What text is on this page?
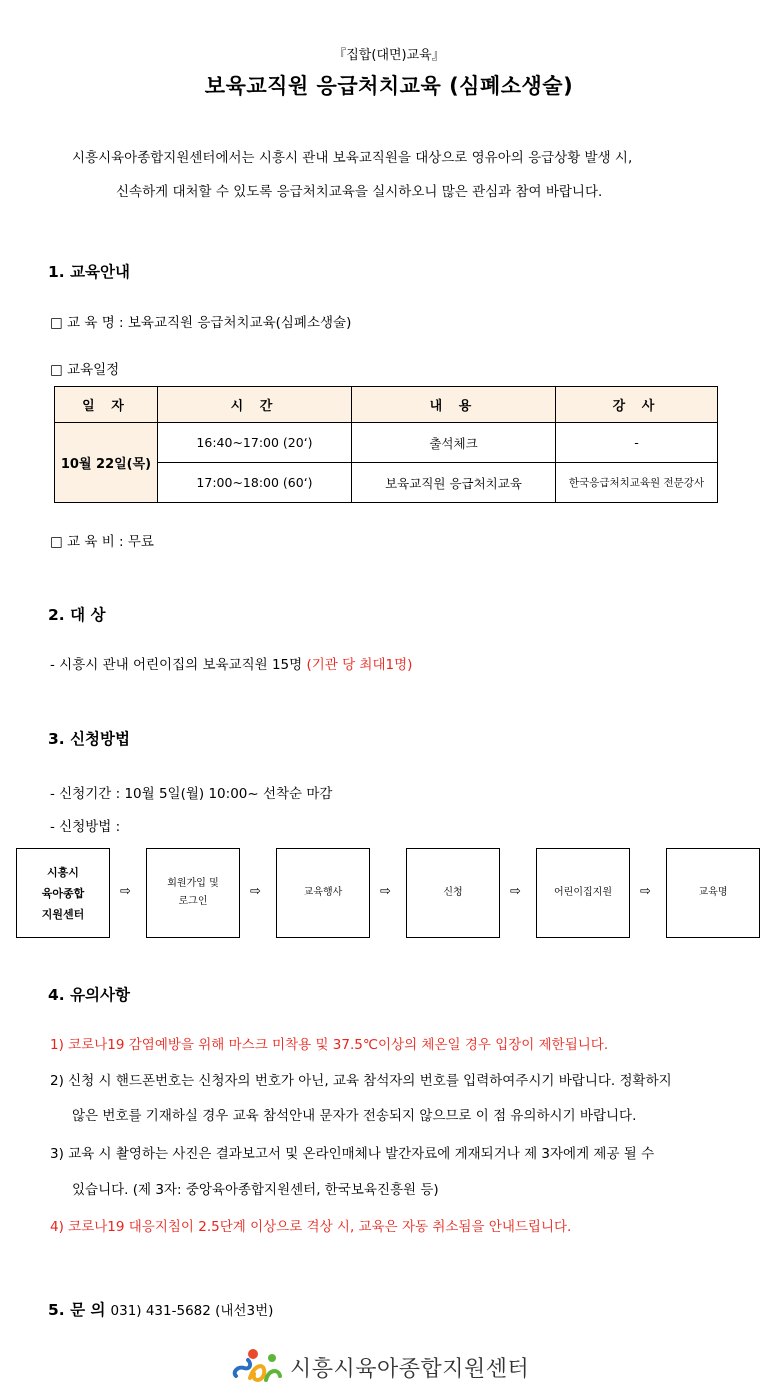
『집합(대면)교육』
보육교직원 응급처치교육 (심폐소생술)
시흥시육아종합지원센터에서는 시흥시 관내 보육교직원을 대상으로 영유아의 응급상황 발생 시,
신속하게 대처할 수 있도록 응급처치교육을 실시하오니 많은 관심과 참여 바랍니다.
1. 교육안내
□ 교 육 명 : 보육교직원 응급처치교육(심폐소생술)
□ 교육일정
일 자	시 간	내 용	강 사
10월 22일(목)	16:40~17:00 (20‘)	출석체크	-
	17:00~18:00 (60‘)	보육교직원 응급처치교육	한국응급처치교육원 전문강사
□ 교 육 비 : 무료
2. 대 상
- 시흥시 관내 어린이집의 보육교직원 15명 (기관 당 최대1명)
3. 신청방법
- 신청기간 : 10월 5일(월) 10:00~ 선착순 마감
- 신청방법 :
시흥시
육아종합
지원센터
⇨
회원가입 및
로그인
⇨	교육행사	⇨	신청	⇨	어린이집지원 ⇨	교육명
4. 유의사항
1) 코로나19 감염예방을 위해 마스크 미착용 및 37.5℃이상의 체온일 경우 입장이 제한됩니다.
2) 신청 시 핸드폰번호는 신청자의 번호가 아닌, 교육 참석자의 번호를 입력하여주시기 바랍니다. 정확하지
않은 번호를 기재하실 경우 교육 참석안내 문자가 전송되지 않으므로 이 점 유의하시기 바랍니다.
3) 교육 시 촬영하는 사진은 결과보고서 및 온라인매체나 발간자료에 게재되거나 제 3자에게 제공 될 수
있습니다. (제 3자: 중앙육아종합지원센터, 한국보육진흥원 등)
4) 코로나19 대응지침이 2.5단계 이상으로 격상 시, 교육은 자동 취소됨을 안내드립니다.
5. 문 의 031) 431-5682 (내선3번)
시흥시육아종합지원센터
